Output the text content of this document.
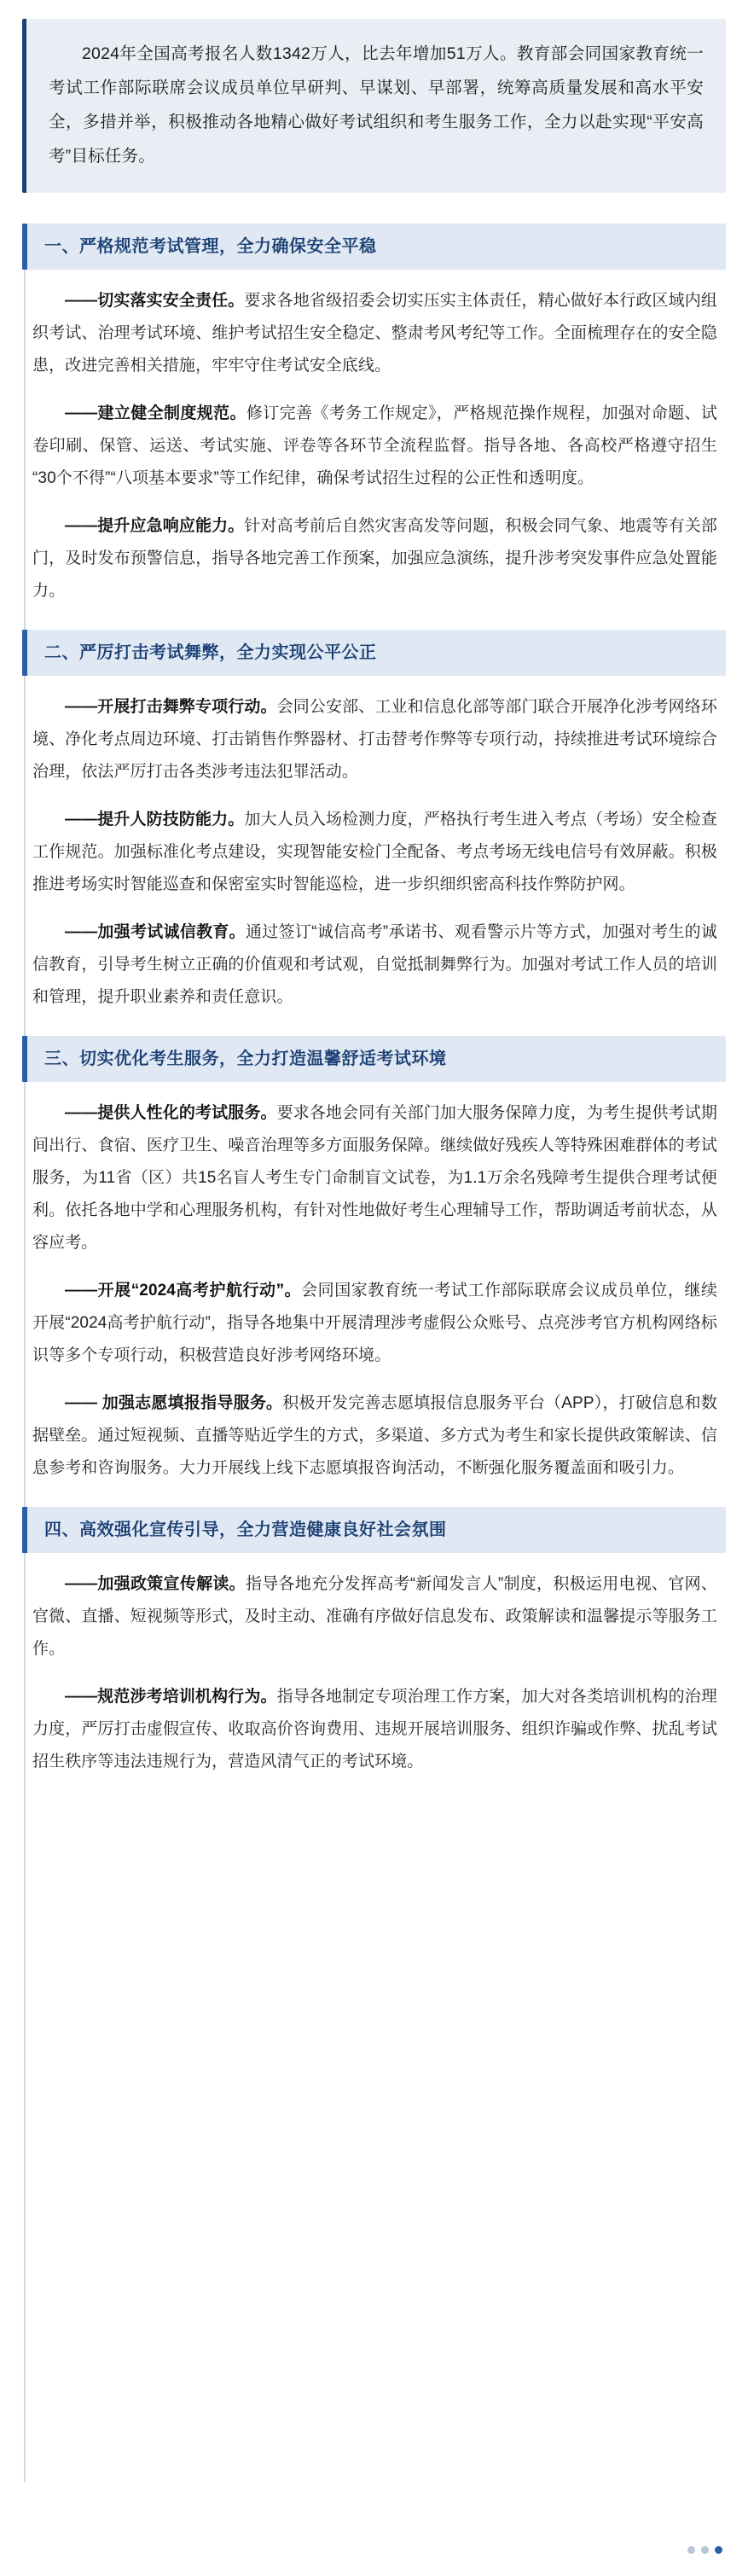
2024年全国高考报名人数1342万人，比去年增加51万人。教育部会同国家教育统一考试工作部际联席会议成员单位早研判、早谋划、早部署，统筹高质量发展和高水平安全，多措并举，积极推动各地精心做好考试组织和考生服务工作，全力以赴实现“平安高考”目标任务。
一、严格规范考试管理，全力确保安全平稳

——切实落实安全责任。要求各地省级招委会切实压实主体责任，精心做好本行政区域内组织考试、治理考试环境、维护考试招生安全稳定、整肃考风考纪等工作。全面梳理存在的安全隐患，改进完善相关措施，牢牢守住考试安全底线。

——建立健全制度规范。修订完善《考务工作规定》，严格规范操作规程，加强对命题、试卷印刷、保管、运送、考试实施、评卷等各环节全流程监督。指导各地、各高校严格遵守招生“30个不得”“八项基本要求”等工作纪律，确保考试招生过程的公正性和透明度。

——提升应急响应能力。针对高考前后自然灾害高发等问题，积极会同气象、地震等有关部门，及时发布预警信息，指导各地完善工作预案，加强应急演练，提升涉考突发事件应急处置能力。

二、严厉打击考试舞弊，全力实现公平公正

——开展打击舞弊专项行动。会同公安部、工业和信息化部等部门联合开展净化涉考网络环境、净化考点周边环境、打击销售作弊器材、打击替考作弊等专项行动，持续推进考试环境综合治理，依法严厉打击各类涉考违法犯罪活动。

——提升人防技防能力。加大人员入场检测力度，严格执行考生进入考点（考场）安全检查工作规范。加强标准化考点建设，实现智能安检门全配备、考点考场无线电信号有效屏蔽。积极推进考场实时智能巡查和保密室实时智能巡检，进一步织细织密高科技作弊防护网。

——加强考试诚信教育。通过签订“诚信高考”承诺书、观看警示片等方式，加强对考生的诚信教育，引导考生树立正确的价值观和考试观，自觉抵制舞弊行为。加强对考试工作人员的培训和管理，提升职业素养和责任意识。

三、切实优化考生服务，全力打造温馨舒适考试环境

——提供人性化的考试服务。要求各地会同有关部门加大服务保障力度，为考生提供考试期间出行、食宿、医疗卫生、噪音治理等多方面服务保障。继续做好残疾人等特殊困难群体的考试服务，为11省（区）共15名盲人考生专门命制盲文试卷，为1.1万余名残障考生提供合理考试便利。依托各地中学和心理服务机构，有针对性地做好考生心理辅导工作，帮助调适考前状态，从容应考。

——开展“2024高考护航行动”。会同国家教育统一考试工作部际联席会议成员单位，继续开展“2024高考护航行动”，指导各地集中开展清理涉考虚假公众账号、点亮涉考官方机构网络标识等多个专项行动，积极营造良好涉考网络环境。

—— 加强志愿填报指导服务。积极开发完善志愿填报信息服务平台（APP），打破信息和数据壁垒。通过短视频、直播等贴近学生的方式，多渠道、多方式为考生和家长提供政策解读、信息参考和咨询服务。大力开展线上线下志愿填报咨询活动，不断强化服务覆盖面和吸引力。

四、高效强化宣传引导，全力营造健康良好社会氛围

——加强政策宣传解读。指导各地充分发挥高考“新闻发言人”制度，积极运用电视、官网、官微、直播、短视频等形式，及时主动、准确有序做好信息发布、政策解读和温馨提示等服务工作。

——规范涉考培训机构行为。指导各地制定专项治理工作方案，加大对各类培训机构的治理力度，严厉打击虚假宣传、收取高价咨询费用、违规开展培训服务、组织诈骗或作弊、扰乱考试招生秩序等违法违规行为，营造风清气正的考试环境。
